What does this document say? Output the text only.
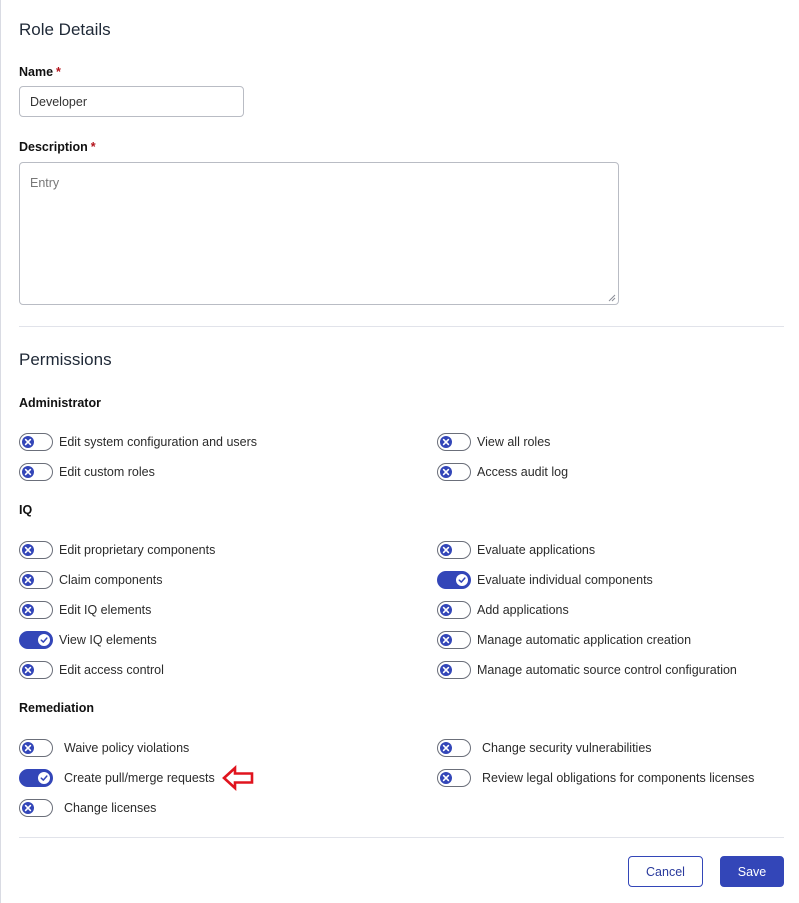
Role Details
Name *
Developer
Description *
Entry
Permissions
Administrator
Edit system configuration and users
Edit custom roles
View all roles
Access audit log
IQ
Edit proprietary components
Claim components
Edit IQ elements
View IQ elements
Edit access control
Evaluate applications
Evaluate individual components
Add applications
Manage automatic application creation
Manage automatic source control configuration
Remediation
Waive policy violations
Create pull/merge requests
Change licenses
Change security vulnerabilities
Review legal obligations for components licenses
Cancel	Save
